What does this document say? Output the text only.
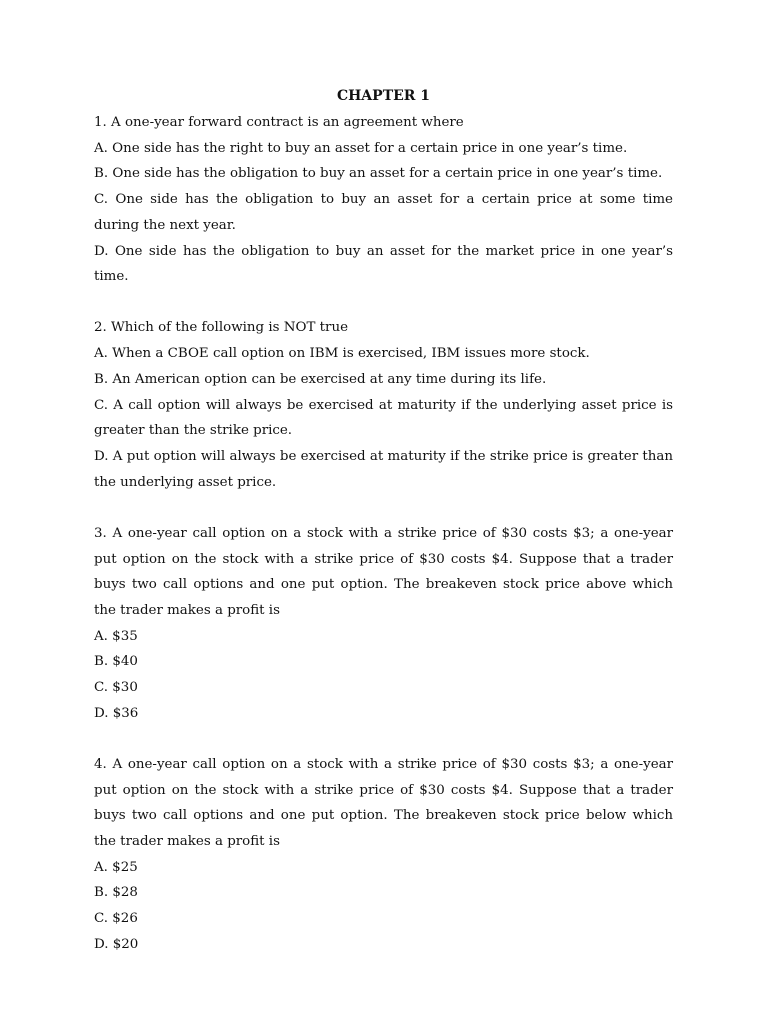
CHAPTER 1

1. A one-year forward contract is an agreement where

A. One side has the right to buy an asset for a certain price in one year’s time.

B. One side has the obligation to buy an asset for a certain price in one year’s time.

C. One side has the obligation to buy an asset for a certain price at some time during the next year.

D. One side has the obligation to buy an asset for the market price in one year’s time.

2. Which of the following is NOT true

A. When a CBOE call option on IBM is exercised, IBM issues more stock.

B. An American option can be exercised at any time during its life.

C. A call option will always be exercised at maturity if the underlying asset price is greater than the strike price.

D. A put option will always be exercised at maturity if the strike price is greater than the underlying asset price.

3. A one-year call option on a stock with a strike price of $30 costs $3; a one-year put option on the stock with a strike price of $30 costs $4. Suppose that a trader buys two call options and one put option. The breakeven stock price above which the trader makes a profit is

A. $35

B. $40

C. $30

D. $36

4. A one-year call option on a stock with a strike price of $30 costs $3; a one-year put option on the stock with a strike price of $30 costs $4. Suppose that a trader buys two call options and one put option. The breakeven stock price below which the trader makes a profit is

A. $25

B. $28

C. $26

D. $20
